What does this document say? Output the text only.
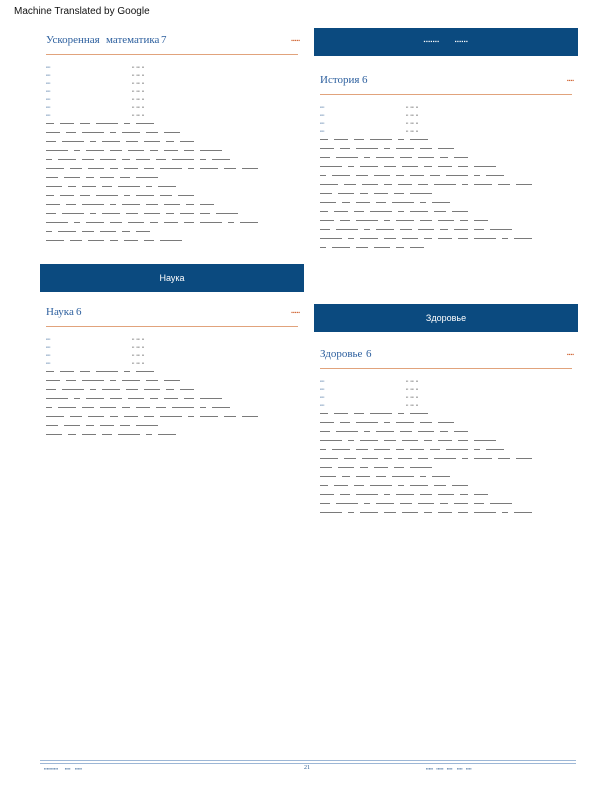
Machine Translated by Google
Ускоренная математика 7	▪▪▪▪▪
▪▪▪▪	▪▪   ▪▪▪   ▪▪
▪▪▪▪	▪▪   ▪▪▪   ▪▪
▪▪▪▪	▪▪   ▪▪▪   ▪▪
▪▪▪▪	▪▪   ▪▪▪   ▪▪
▪▪▪▪	▪▪   ▪▪▪   ▪▪
▪▪▪▪	▪▪   ▪▪▪   ▪▪
▪▪▪▪	▪▪   ▪▪▪   ▪▪
Наука
Наука 6	▪▪▪▪▪
▪▪▪▪	▪▪   ▪▪▪   ▪▪
▪▪▪▪	▪▪   ▪▪▪   ▪▪
▪▪▪▪	▪▪   ▪▪▪   ▪▪
▪▪▪▪	▪▪   ▪▪▪   ▪▪
▪▪▪▪▪▪▪        ▪▪▪▪▪▪
История 6	▪▪▪▪
▪▪▪▪	▪▪   ▪▪▪   ▪▪
▪▪▪▪	▪▪   ▪▪▪   ▪▪
▪▪▪▪	▪▪   ▪▪▪   ▪▪
▪▪▪▪	▪▪   ▪▪▪   ▪▪
Здоровье
Здоровье 6	▪▪▪▪
▪▪▪▪	▪▪   ▪▪▪   ▪▪
▪▪▪▪	▪▪   ▪▪▪   ▪▪
▪▪▪▪	▪▪   ▪▪▪   ▪▪
▪▪▪▪	▪▪   ▪▪▪   ▪▪
▪▪▪▪▪▪▪▪▪▪      ▪▪▪▪    ▪▪▪▪▪	21	▪▪▪▪▪   ▪▪▪▪▪   ▪▪▪▪    ▪▪▪▪   ▪▪▪▪
